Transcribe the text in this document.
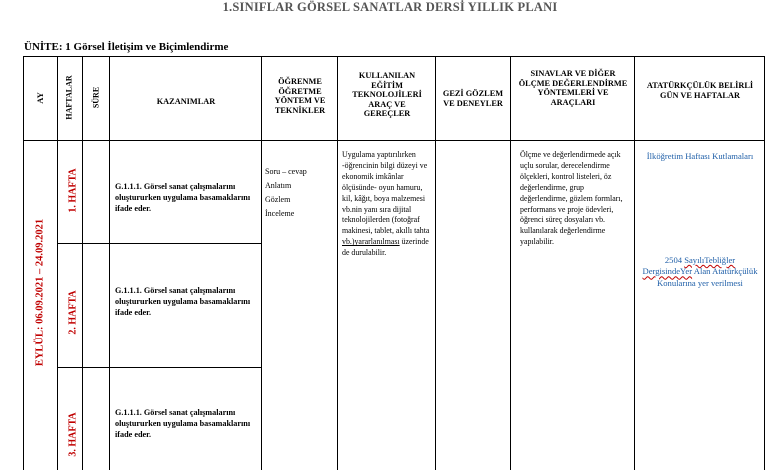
1.SINIFLAR GÖRSEL SANATLAR DERSİ YILLIK PLANI
ÜNİTE: 1 Görsel İletişim ve Biçimlendirme
AY HAFTALAR SÜRE	KAZANIMLAR
ÖĞRENME ÖĞRETME YÖNTEM VE TEKNİKLER
KULLANILAN EĞİTİM TEKNOLOJİLERİ ARAÇ VE GEREÇLER
GEZİ GÖZLEM VE DENEYLER
SINAVLAR VE DİĞER ÖLÇME DEĞERLENDİRME YÖNTEMLERİ VE ARAÇLARI
ATATÜRKÇÜLÜK BELİRLİ GÜN VE HAFTALAR
EYLÜL: 06.09.2021 – 24.09.2021
1. HAFTA
2. HAFTA
3. HAFTA
G.1.1.1. Görsel sanat çalışmalarını oluştururken uygulama basamaklarını ifade eder.
G.1.1.1. Görsel sanat çalışmalarını oluştururken uygulama basamaklarını ifade eder.
G.1.1.1. Görsel sanat çalışmalarını oluştururken uygulama basamaklarını ifade eder.
Soru – cevap
Anlatım
Gözlem
İnceleme
Uygulama yaptırılırken -öğrencinin bilgi düzeyi ve ekonomik imkânlar ölçüsünde- oyun hamuru, kil, kâğıt, boya malzemesi vb.nin yanı sıra dijital teknolojilerden (fotoğraf makinesi, tablet, akıllı tahta vb.)yararlanılması üzerinde de durulabilir.
Ölçme ve değerlendirmede açık uçlu sorular, derecelendirme ölçekleri, kontrol listeleri, öz değerlendirme, grup değerlendirme, gözlem formları, performans ve proje ödevleri, öğrenci süreç dosyaları vb. kullanılarak değerlendirme yapılabilir.
İlköğretim Haftası Kutlamaları
2504 SayılıTebliğler DergisindeYer Alan Atatürkçülük Konularına yer verilmesi
